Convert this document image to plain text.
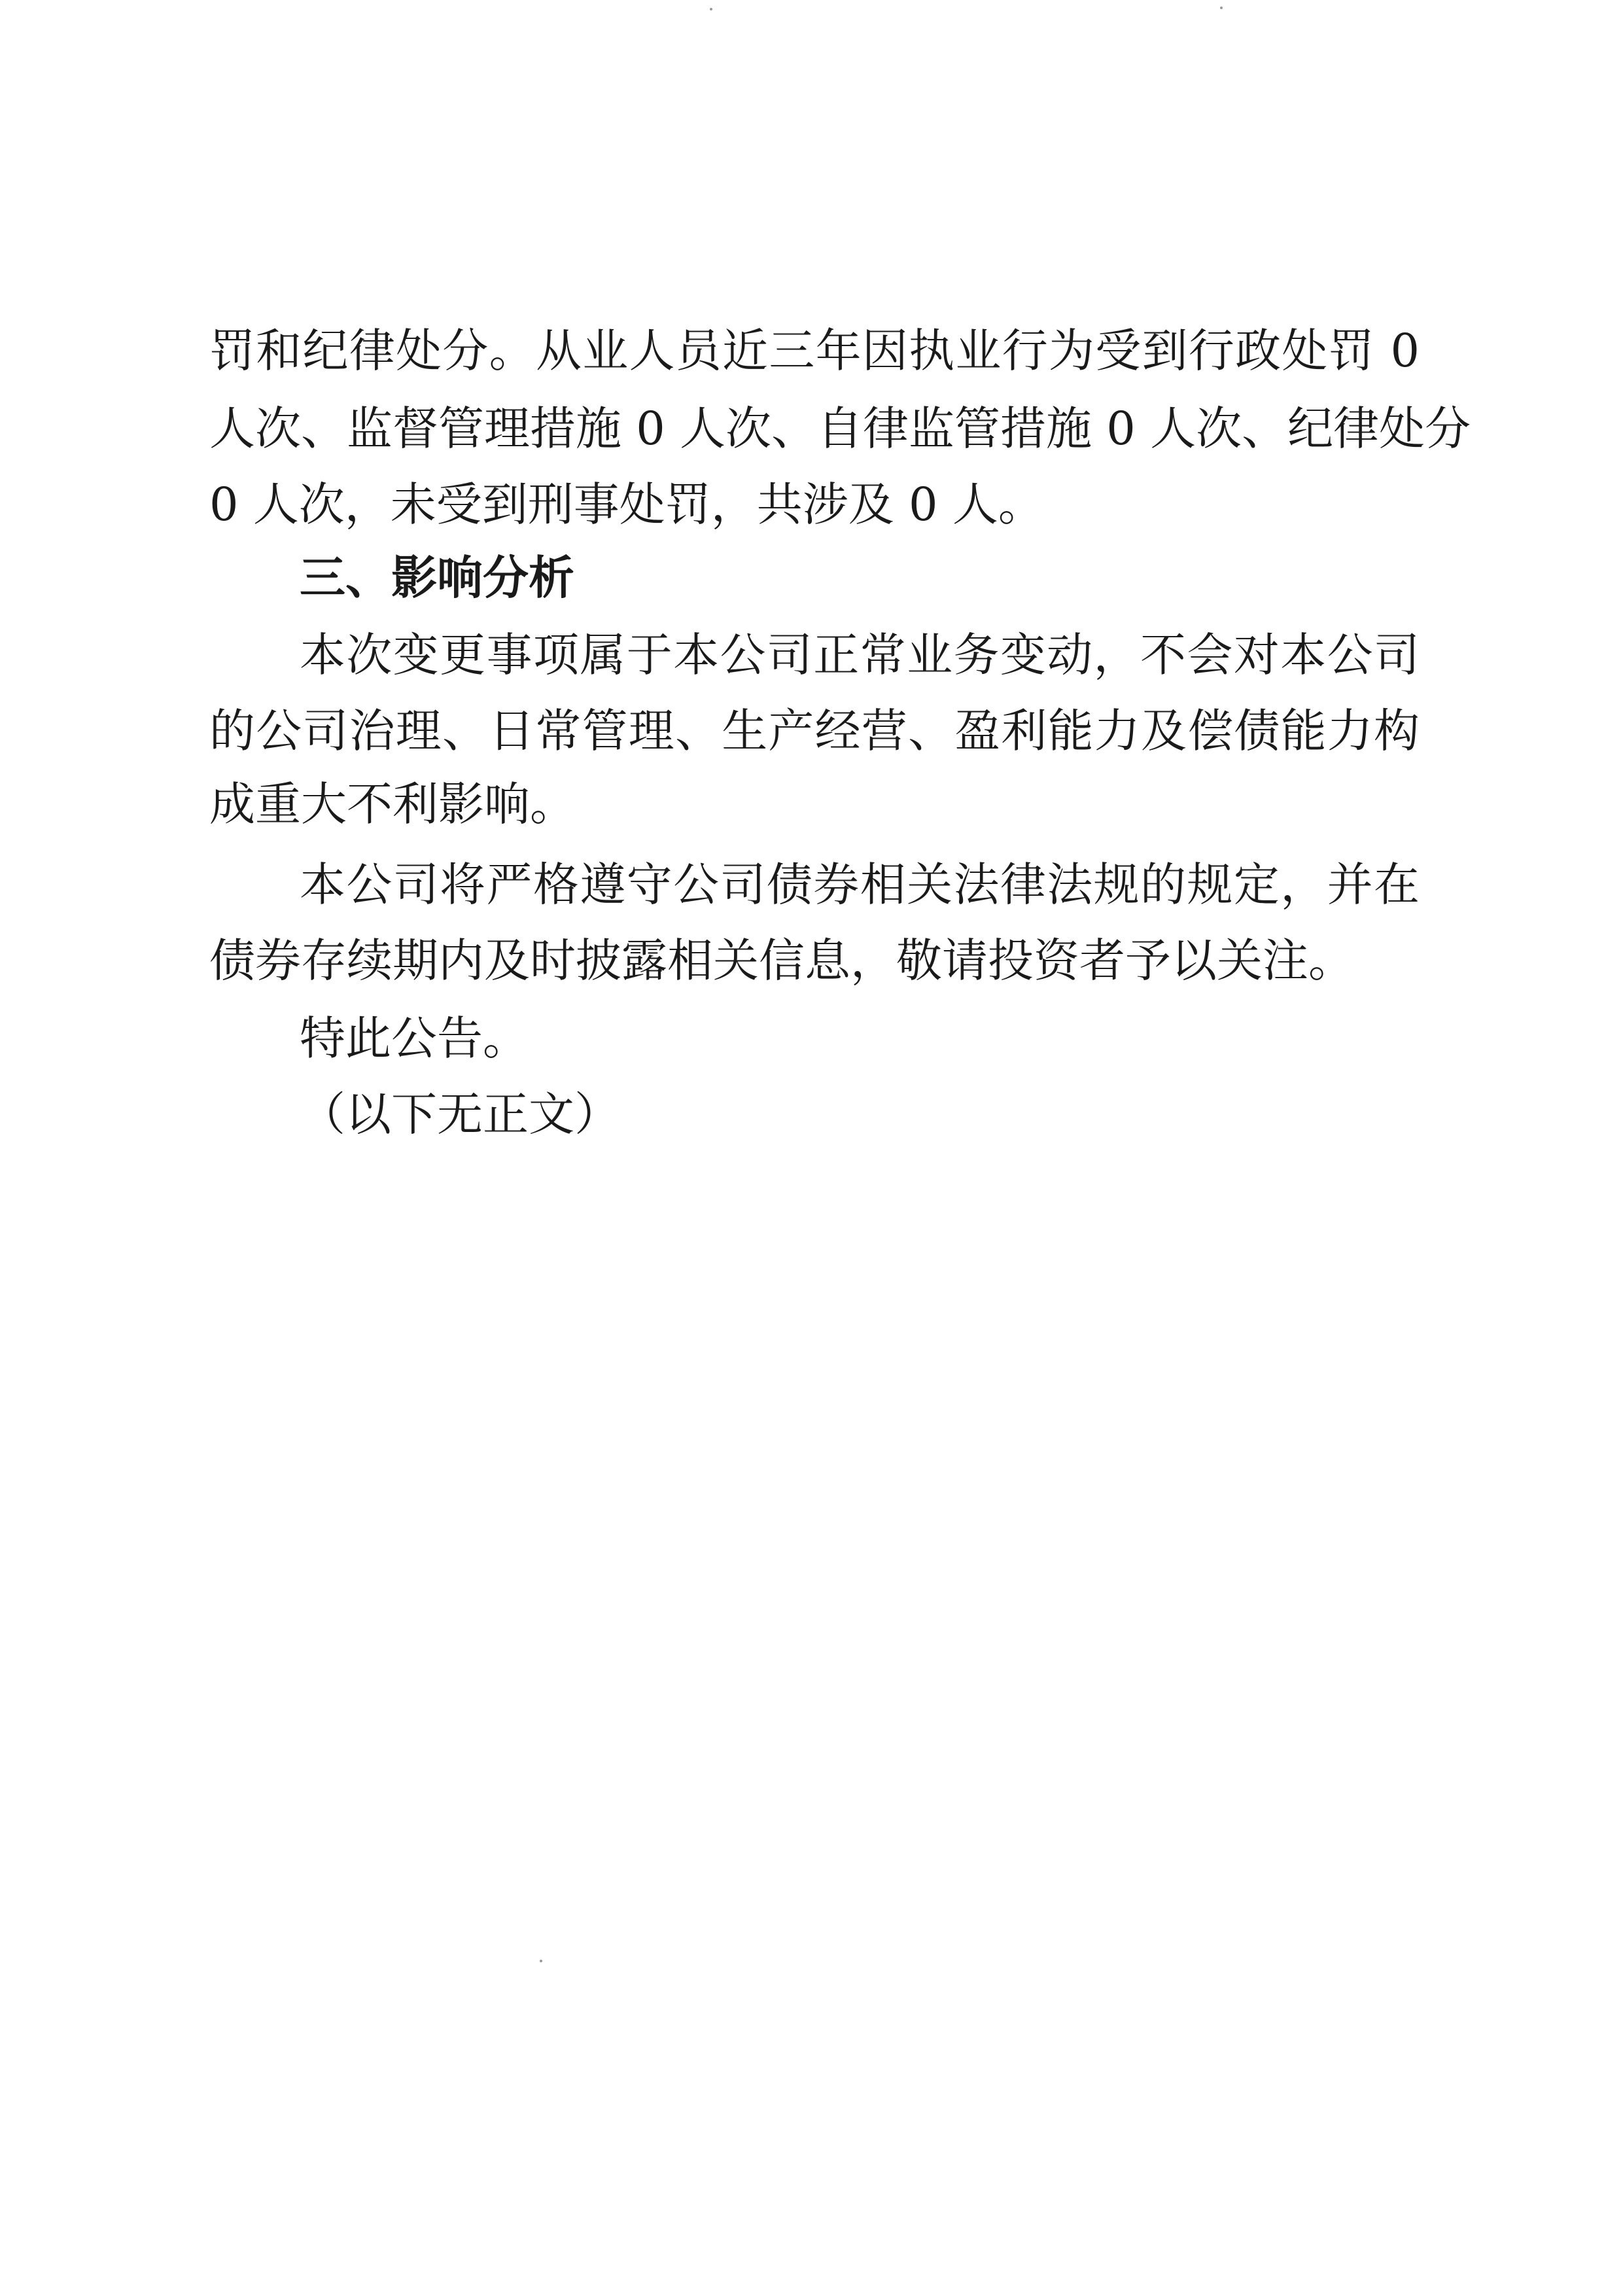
罚和纪律处分。从业人员近三年因执业行为受到行政处罚 0
人次、监督管理措施 0 人次、自律监管措施 0 人次、纪律处分
0 人次，未受到刑事处罚，共涉及 0 人。
三、影响分析
本次变更事项属于本公司正常业务变动，不会对本公司
的公司治理、日常管理、生产经营、盈利能力及偿债能力构
成重大不利影响。
本公司将严格遵守公司债券相关法律法规的规定，并在
债券存续期内及时披露相关信息，敬请投资者予以关注。
特此公告。
（以下无正文）
